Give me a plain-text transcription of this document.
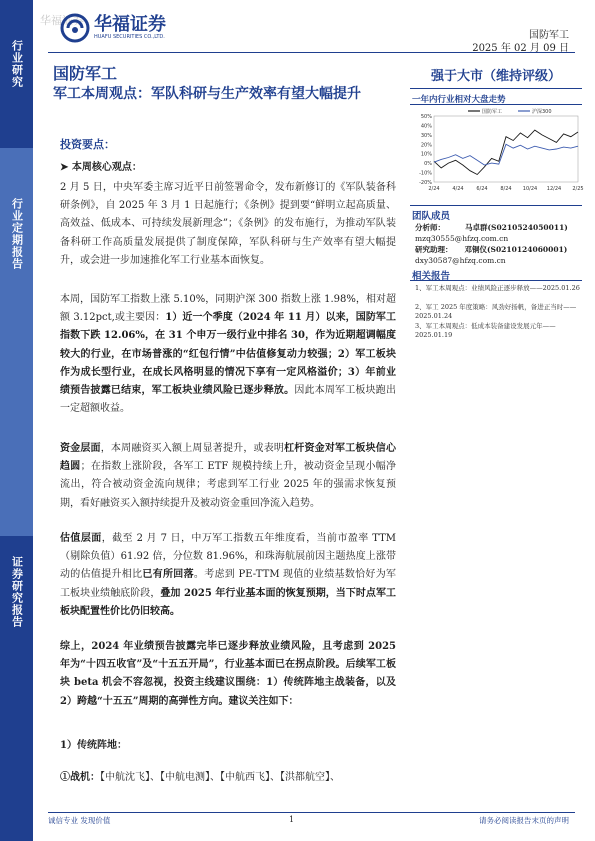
行业研究
行业定期报告
证券研究报告
华福证券 华福证券
HUAFU SECURITIES CO.,LTD.	国防军工
2025 年 02 月 09 日
国防军工
军工本周观点：军队科研与生产效率有望大幅提升
投资要点：
➤ 本周核心观点：
2 月 5 日，中央军委主席习近平日前签署命令，发布新修订的《军队装备科研条例》，自 2025 年 3 月 1 日起施行；《条例》提到要“鲜明立起高质量、高效益、低成本、可持续发展新理念”；《条例》的发布施行，为推动军队装备科研工作高质量发展提供了制度保障，军队科研与生产效率有望大幅提升，或会进一步加速推化军工行业基本面恢复。
本周，国防军工指数上涨 5.10%，同期沪深 300 指数上涨 1.98%，相对超额 3.12pct,或主要因：1）近一个季度（2024 年 11 月）以来，国防军工指数下跌 12.06%，在 31 个申万一级行业中排名 30，作为近期超调幅度较大的行业，在市场普涨的“红包行情”中估值修复动力较强；2）军工板块作为成长型行业，在成长风格明显的情况下享有一定风格溢价；3）年前业绩预告披露已结束，军工板块业绩风险已逐步释放。因此本周军工板块跑出一定超额收益。
资金层面，本周融资买入额上周显著提升，或表明杠杆资金对军工板块信心趋圆；在指数上涨阶段，各军工 ETF 规模持续上升，被动资金呈现小幅净流出，符合被动资金流向规律；考虑到军工行业 2025 年的强需求恢复预期，看好融资买入额持续提升及被动资金重回净流入趋势。
估值层面，截至 2 月 7 日，中万军工指数五年维度看，当前市盈率 TTM（剔除负值）61.92 倍，分位数 81.96%，和珠海航展前因主题热度上涨带动的估值提升相比已有所回落。考虑到 PE-TTM 现值的业绩基数恰好为军工板块业绩触底阶段，叠加 2025 年行业基本面的恢复预期，当下时点军工板块配置性价比仍旧较高。
综上，2024 年业绩预告披露完毕已逐步释放业绩风险，且考虑到 2025 年为“十四五收官”及“十五五开局”，行业基本面已在拐点阶段。后续军工板块 beta 机会不容忽视，投资主线建议围绕：1）传统阵地主战装备，以及 2）跨越“十五五”周期的高弹性方向。建议关注如下：
1）传统阵地：
①战机：【中航沈飞】、【中航电测】、【中航西飞】、【洪都航空】、
强于大市（维持评级）
一年内行业相对大盘走势
50%
40%
30%
20%
10%
0%
-10%
-20%
2/24	4/24	6/24	8/24 10/24 12/24 2/25
国防军工	沪深300
团队成员
分析师：	马卓群(S0210524050011)
mzq30555@hfzq.com.cn
研究助理： 邓铜仪(S0210124060001)
dxy30587@hfzq.com.cn
相关报告
1、军工本周观点：业绩风险正逐步释放——2025.01.26
2、军工 2025 年度策略：风劲好扬帆，备进正当时——2025.01.24
3、军工本周观点：低成本装备建设发展元年——2025.01.19
诚信专业 发现价值	1	请务必阅读报告末页的声明
